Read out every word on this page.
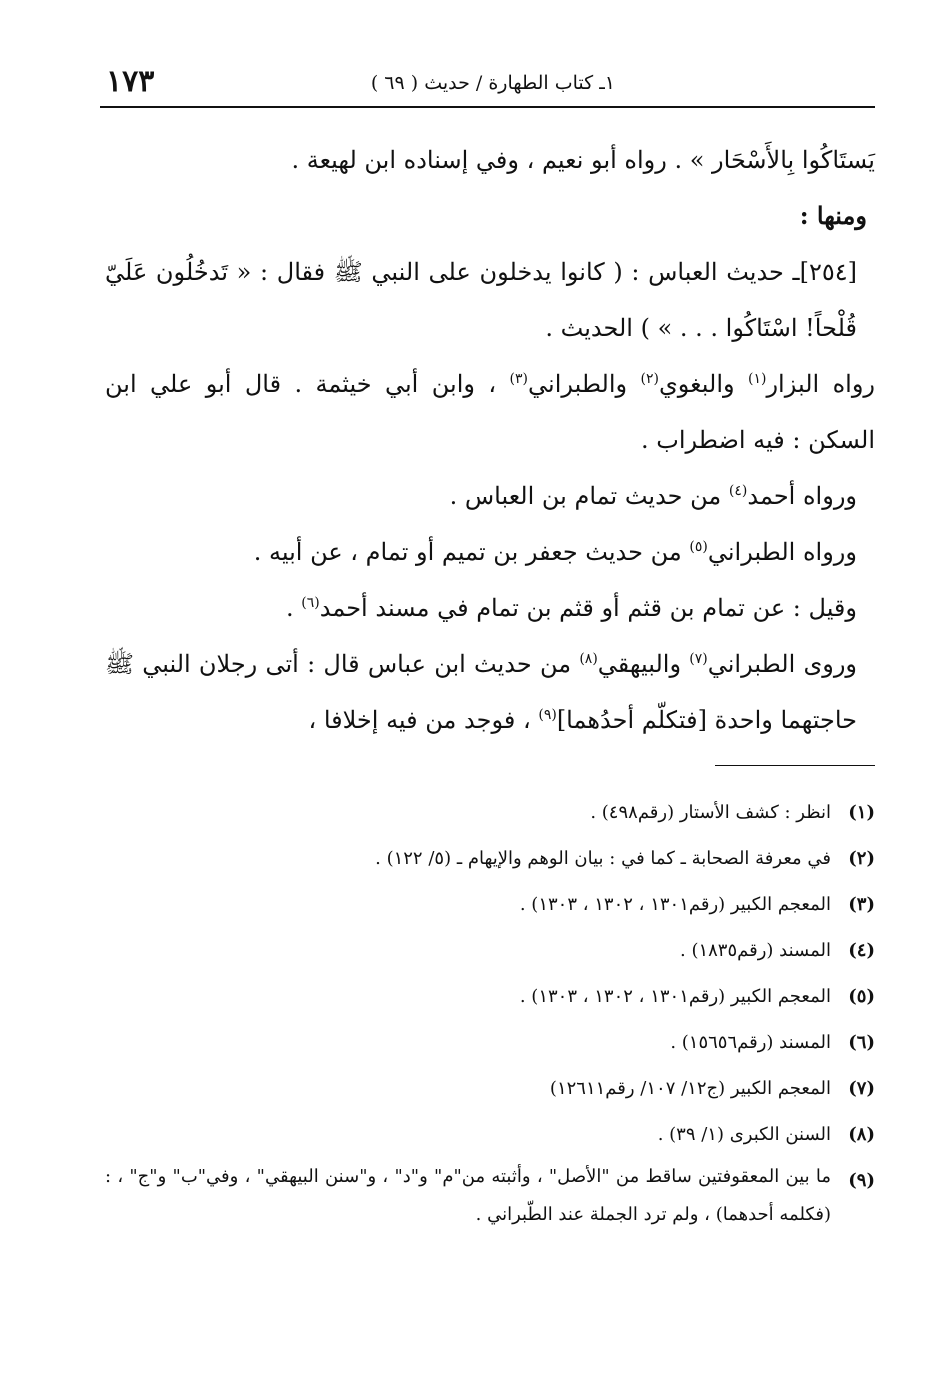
١ـ كتاب الطهارة / حديث ( ٦٩ )
١٧٣

يَستَاكُوا بِالأَسْحَار » . رواه أبو نعيم ، وفي إسناده ابن لهيعة .

ومنها :

[٢٥٤]ـ حديث العباس : ( كانوا يدخلون على النبي ﷺ فقال : « تَدخُلُون عَلَيّ قُلْحاً! اسْتَاكُوا . . . » ) الحديث .

رواه البزار$^{(١)}$ والبغوي$^{(٢)}$ والطبراني$^{(٣)}$ ، وابن أبي خيثمة . قال أبو علي ابن السكن : فيه اضطراب .

ورواه أحمد$^{(٤)}$ من حديث تمام بن العباس .

ورواه الطبراني$^{(٥)}$ من حديث جعفر بن تميم أو تمام ، عن أبيه .

وقيل : عن تمام بن قثم أو قثم بن تمام في مسند أحمد$^{(٦)}$ .

وروى الطبراني$^{(٧)}$ والبيهقي$^{(٨)}$ من حديث ابن عباس قال : أتى رجلان النبي ﷺ حاجتهما واحدة [فتكلّم أحدُهما]$^{(٩)}$ ، فوجد من فيه إخلافا ،

(١)
انظر : كشف الأستار (رقم٤٩٨) .
(٢)
في معرفة الصحابة ـ كما في : بيان الوهم والإيهام ـ (٥/ ١٢٢) .
(٣)
المعجم الكبير (رقم١٣٠١ ، ١٣٠٢ ، ١٣٠٣) .
(٤)
المسند (رقم١٨٣٥) .
(٥)
المعجم الكبير (رقم١٣٠١ ، ١٣٠٢ ، ١٣٠٣) .
(٦)
المسند (رقم١٥٦٥٦) .
(٧)
المعجم الكبير (ج١٢/ ١٠٧/ رقم١٢٦١١)
(٨)
السنن الكبرى (١/ ٣٩) .
(٩)
ما بين المعقوفتين ساقط من "الأصل" ، وأثبته من"م" و"د" ، و"سنن البيهقي" ، وفي"ب" و"ج" ، : (فكلمه أحدهما) ، ولم ترد الجملة عند الطّبراني .
